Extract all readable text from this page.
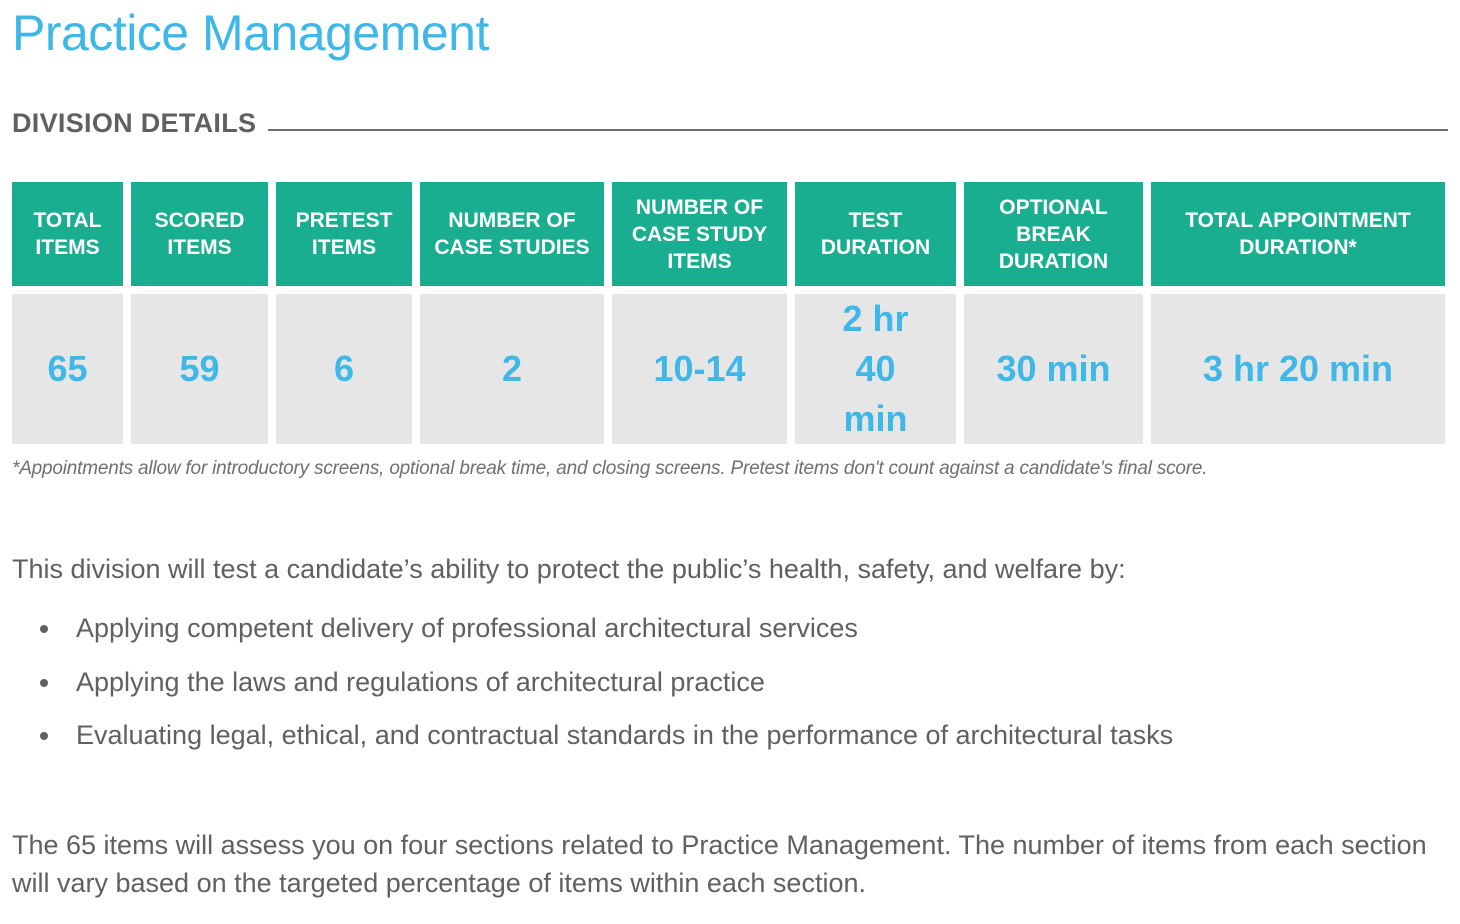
Practice Management
DIVISION DETAILS
TOTAL ITEMS	SCORED ITEMS	PRETEST ITEMS	NUMBER OF CASE STUDIES	NUMBER OF CASE STUDY ITEMS	TEST DURATION	OPTIONAL BREAK DURATION	TOTAL APPOINTMENT DURATION*
65	59	6	2	10-14	2 hr 40 min	30 min	3 hr 20 min
*Appointments allow for introductory screens, optional break time, and closing screens. Pretest items don't count against a candidate's final score.

This division will test a candidate’s ability to protect the public’s health, safety, and welfare by:

Applying competent delivery of professional architectural services
Applying the laws and regulations of architectural practice
Evaluating legal, ethical, and contractual standards in the performance of architectural tasks

The 65 items will assess you on four sections related to Practice Management. The number of items from each section will vary based on the targeted percentage of items within each section.
